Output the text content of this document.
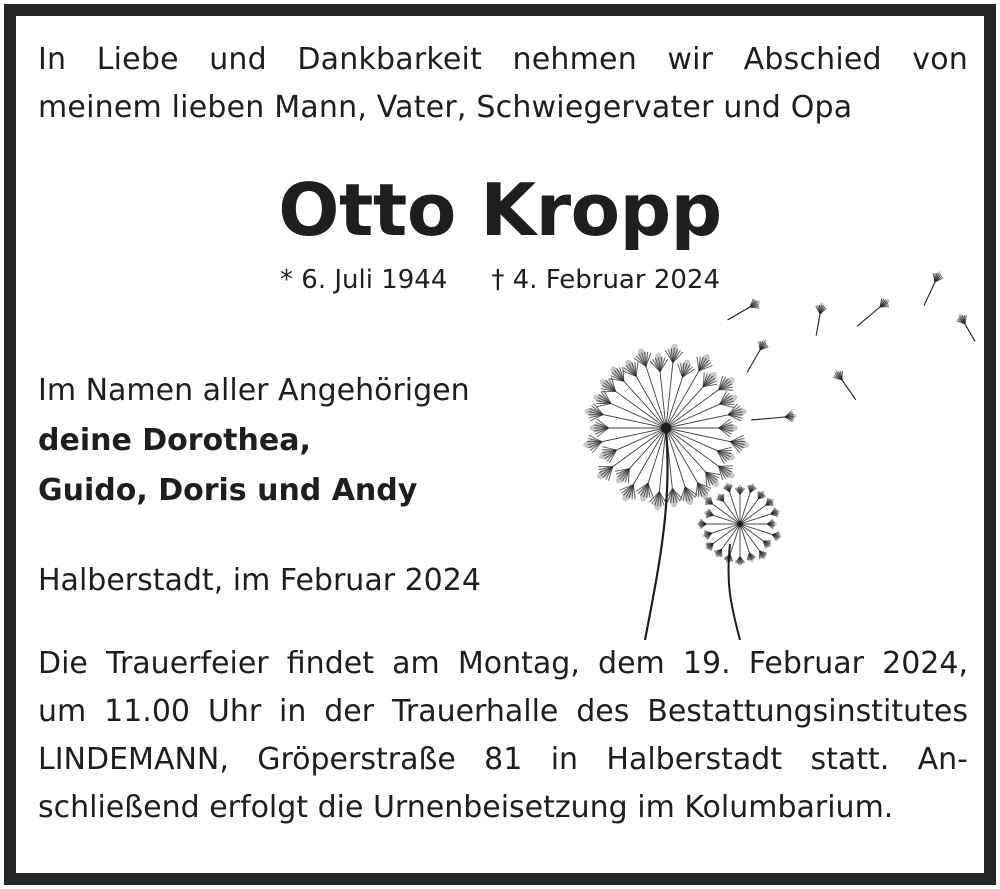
In Liebe und Dankbarkeit nehmen wir Abschied von
meinem lieben Mann, Vater, Schwiegervater und Opa
Otto Kropp
* 6. Juli 1944 † 4. Februar 2024
Im Namen aller Angehörigen
deine Dorothea,
Guido, Doris und Andy
Halberstadt, im Februar 2024
Die Trauerfeier findet am Montag, dem 19. Februar 2024,
um 11.00 Uhr in der Trauerhalle des Bestattungsinstitutes
LINDEMANN, Gröperstraße 81 in Halberstadt statt. An-
schließend erfolgt die Urnenbeisetzung im Kolumbarium.
